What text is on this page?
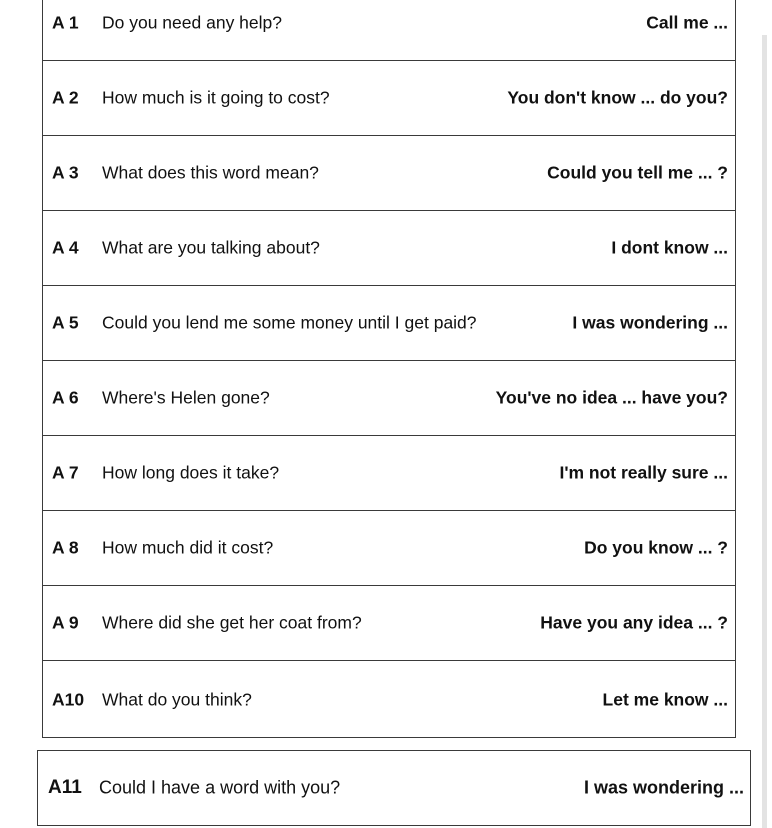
A 1 Do you need any help?	Call me ...
A 2 How much is it going to cost?	You don't know ... do you?
A 3 What does this word mean?	Could you tell me ... ?
A 4 What are you talking about?	I dont know ...
A 5 Could you lend me some money until I get paid?	I was wondering ...
A 6 Where's Helen gone?	You've no idea ... have you?
A 7 How long does it take?	I'm not really sure ...
A 8 How much did it cost?	Do you know ... ?
A 9 Where did she get her coat from?	Have you any idea ... ?
A10 What do you think?	Let me know ...
A11 Could I have a word with you?	I was wondering ...
